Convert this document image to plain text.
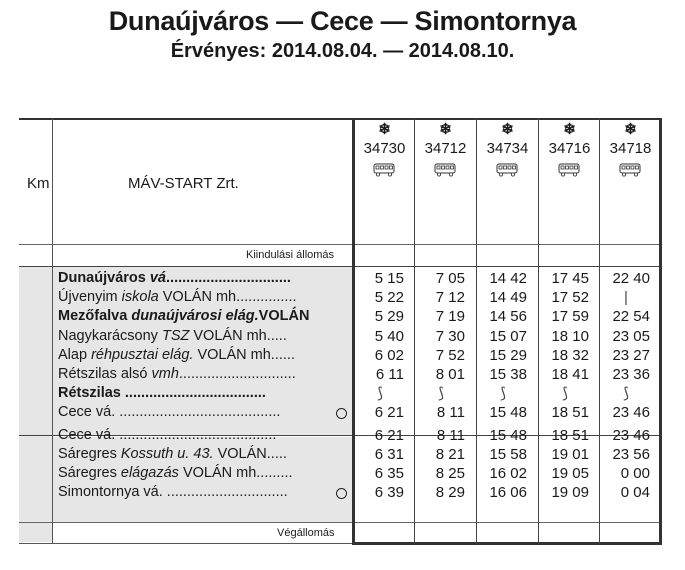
Dunaújváros — Cece — Simontornya
Érvényes: 2014.08.04. — 2014.08.10.
Km	MÁV-START Zrt.
Kiindulási állomás
Végállomás
❄
34730
❄
34712
❄
34734
❄
34716
❄
34718
Dunaújváros vá...............................	5 15	7 05	14 42	17 45	22 40
Újvenyim iskola VOLÁN mh...............	5 22	7 12	14 49	17 52	|
Mezőfalva dunaújvárosi elág.VOLÁN	5 29	7 19	14 56	17 59	22 54
Nagykarácsony TSZ VOLÁN mh.....	5 40	7 30	15 07	18 10	23 05
Alap réhpusztai elág. VOLÁN mh......	6 02	7 52	15 29	18 32	23 27
Rétszilas alsó vmh.............................	6 11	8 01	15 38	18 41	23 36
Rétszilas ...................................	⟆	⟆	⟆	⟆	⟆
Cece vá. ........................................	6 21	8 11	15 48	18 51	23 46
Cece vá. .......................................	6 21	8 11	15 48	18 51	23 46
Sáregres Kossuth u. 43. VOLÁN.....	6 31	8 21	15 58	19 01	23 56
Sáregres elágazás VOLÁN mh.........	6 35	8 25	16 02	19 05	0 00
Simontornya vá. ..............................	6 39	8 29	16 06	19 09	0 04
